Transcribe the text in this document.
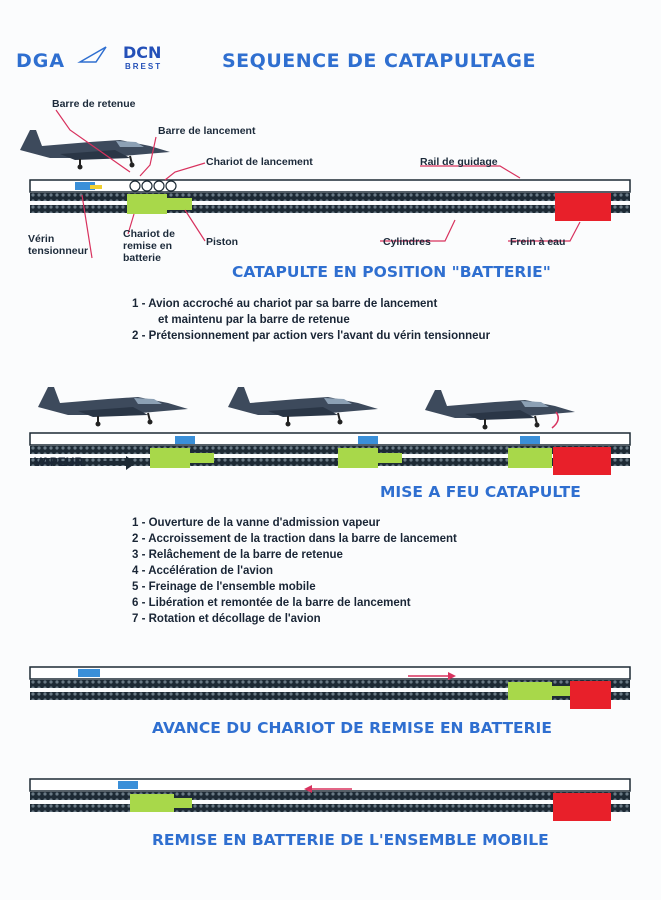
DGA	DCN
BREST	SEQUENCE DE CATAPULTAGE
Barre de retenue
Barre de lancement
Chariot de lancement	Rail de guidage
Vérin tensionneur
Chariot de remise en batterie
Piston	Cylindres	Frein à eau
CATAPULTE EN POSITION "BATTERIE"
1 - Avion accroché au chariot par sa barre de lancement
et maintenu par la barre de retenue
2 - Prétensionnement par action vers l'avant du vérin tensionneur
VAPEUR
MISE A FEU CATAPULTE
1 - Ouverture de la vanne d'admission vapeur
2 - Accroissement de la traction dans la barre de lancement
3 - Relâchement de la barre de retenue
4 - Accélération de l'avion
5 - Freinage de l'ensemble mobile
6 - Libération et remontée de la barre de lancement
7 - Rotation et décollage de l'avion
AVANCE DU CHARIOT DE REMISE EN BATTERIE
REMISE EN BATTERIE DE L'ENSEMBLE MOBILE
